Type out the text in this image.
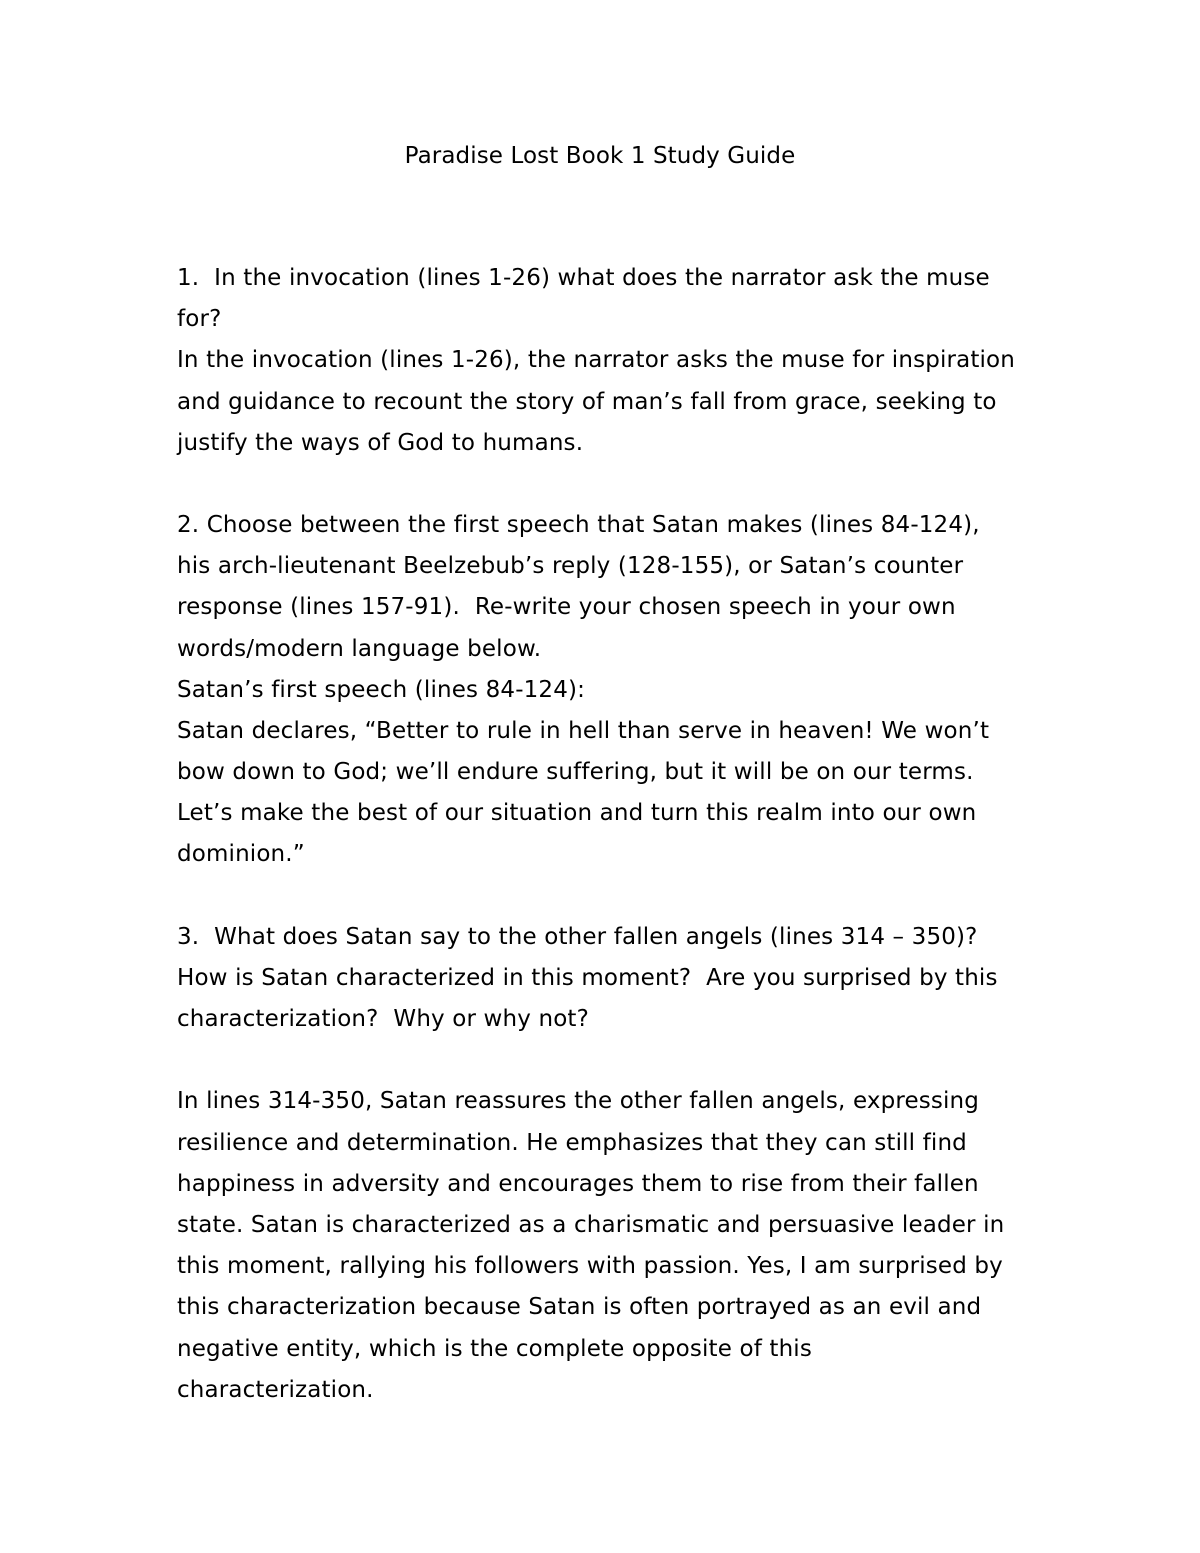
Paradise Lost Book 1 Study Guide
1.  In the invocation (lines 1-26) what does the narrator ask the muse
for?
In the invocation (lines 1-26), the narrator asks the muse for inspiration
and guidance to recount the story of man’s fall from grace, seeking to
justify the ways of God to humans.
2. Choose between the first speech that Satan makes (lines 84-124),
his arch-lieutenant Beelzebub’s reply (128-155), or Satan’s counter
response (lines 157-91).  Re-write your chosen speech in your own
words/modern language below.
Satan’s first speech (lines 84-124):
Satan declares, “Better to rule in hell than serve in heaven! We won’t
bow down to God; we’ll endure suffering, but it will be on our terms.
Let’s make the best of our situation and turn this realm into our own
dominion.”
3.  What does Satan say to the other fallen angels (lines 314 – 350)?
How is Satan characterized in this moment?  Are you surprised by this
characterization?  Why or why not?
In lines 314-350, Satan reassures the other fallen angels, expressing
resilience and determination. He emphasizes that they can still find
happiness in adversity and encourages them to rise from their fallen
state. Satan is characterized as a charismatic and persuasive leader in
this moment, rallying his followers with passion. Yes, I am surprised by
this characterization because Satan is often portrayed as an evil and
negative entity, which is the complete opposite of this
characterization.
